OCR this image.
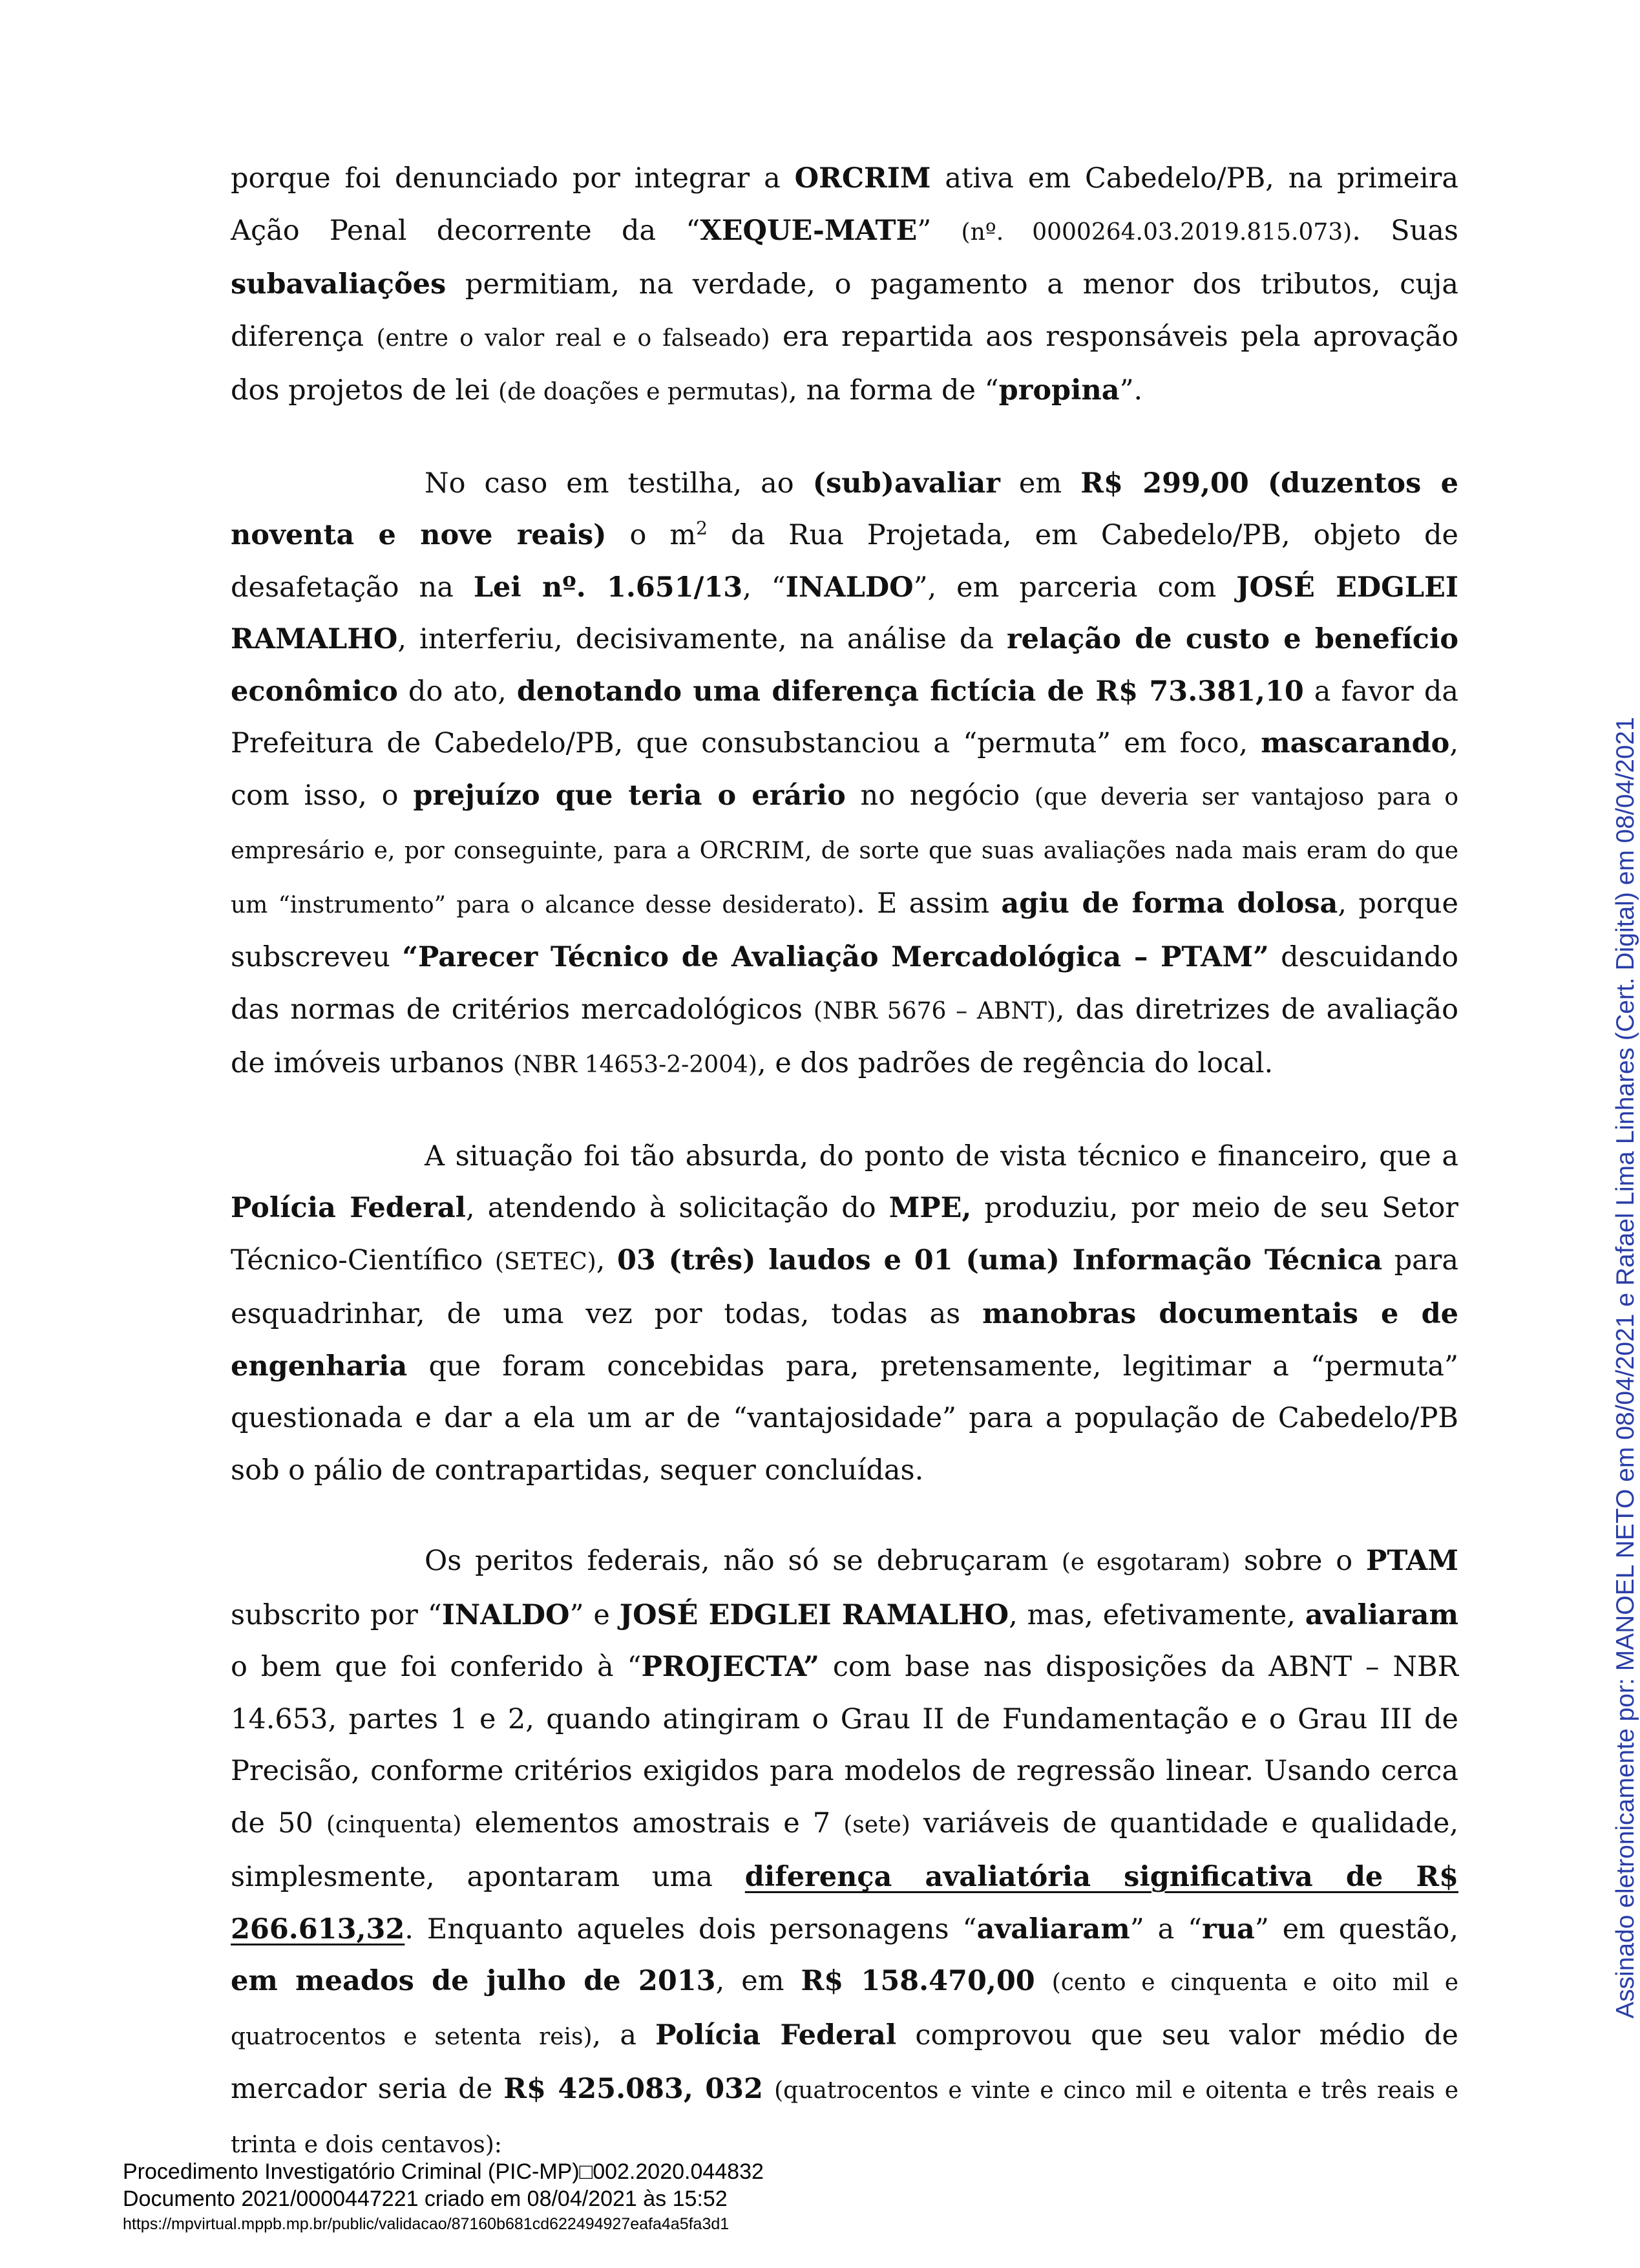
porque foi denunciado por integrar a ORCRIM ativa em Cabedelo/PB, na primeira Ação Penal decorrente da “XEQUE-MATE” (nº. 0000264.03.2019.815.073). Suas subavaliações permitiam, na verdade, o pagamento a menor dos tributos, cuja diferença (entre o valor real e o falseado) era repartida aos responsáveis pela aprovação dos projetos de lei (de doações e permutas), na forma de “propina”.

No caso em testilha, ao (sub)avaliar em R$ 299,00 (duzentos e noventa e nove reais) o $m^2$ da Rua Projetada, em Cabedelo/PB, objeto de desafetação na Lei nº. 1.651/13, “INALDO”, em parceria com JOSÉ EDGLEI RAMALHO, interferiu, decisivamente, na análise da relação de custo e benefício econômico do ato, denotando uma diferença fictícia de R$ 73.381,10 a favor da Prefeitura de Cabedelo/PB, que consubstanciou a “permuta” em foco, mascarando, com isso, o prejuízo que teria o erário no negócio (que deveria ser vantajoso para o empresário e, por conseguinte, para a ORCRIM, de sorte que suas avaliações nada mais eram do que um “instrumento” para o alcance desse desiderato). E assim agiu de forma dolosa, porque subscreveu “Parecer Técnico de Avaliação Mercadológica – PTAM” descuidando das normas de critérios mercadológicos (NBR 5676 – ABNT), das diretrizes de avaliação de imóveis urbanos (NBR 14653-2-2004), e dos padrões de regência do local.

A situação foi tão absurda, do ponto de vista técnico e financeiro, que a Polícia Federal, atendendo à solicitação do MPE, produziu, por meio de seu Setor Técnico-Científico (SETEC), 03 (três) laudos e 01 (uma) Informação Técnica para esquadrinhar, de uma vez por todas, todas as manobras documentais e de engenharia que foram concebidas para, pretensamente, legitimar a “permuta” questionada e dar a ela um ar de “vantajosidade” para a população de Cabedelo/PB sob o pálio de contrapartidas, sequer concluídas.

Os peritos federais, não só se debruçaram (e esgotaram) sobre o PTAM subscrito por “INALDO” e JOSÉ EDGLEI RAMALHO, mas, efetivamente, avaliaram o bem que foi conferido à “PROJECTA” com base nas disposições da ABNT – NBR 14.653, partes 1 e 2, quando atingiram o Grau II de Fundamentação e o Grau III de Precisão, conforme critérios exigidos para modelos de regressão linear. Usando cerca de 50 (cinquenta) elementos amostrais e 7 (sete) variáveis de quantidade e qualidade, simplesmente, apontaram uma diferença avaliatória significativa de R$ 266.613,32. Enquanto aqueles dois personagens “avaliaram” a “rua” em questão, em meados de julho de 2013, em R$ 158.470,00 (cento e cinquenta e oito mil e quatrocentos e setenta reis), a Polícia Federal comprovou que seu valor médio de mercador seria de R$ 425.083, 032 (quatrocentos e vinte e cinco mil e oitenta e três reais e trinta e dois centavos):

Assinado eletronicamente por: MANOEL NETO em 08/04/2021 e Rafael Lima Linhares (Cert. Digital) em 08/04/2021
Procedimento Investigatório Criminal (PIC-MP)□002.2020.044832
Documento 2021/0000447221 criado em 08/04/2021 às 15:52
https://mpvirtual.mppb.mp.br/public/validacao/87160b681cd622494927eafa4a5fa3d1
